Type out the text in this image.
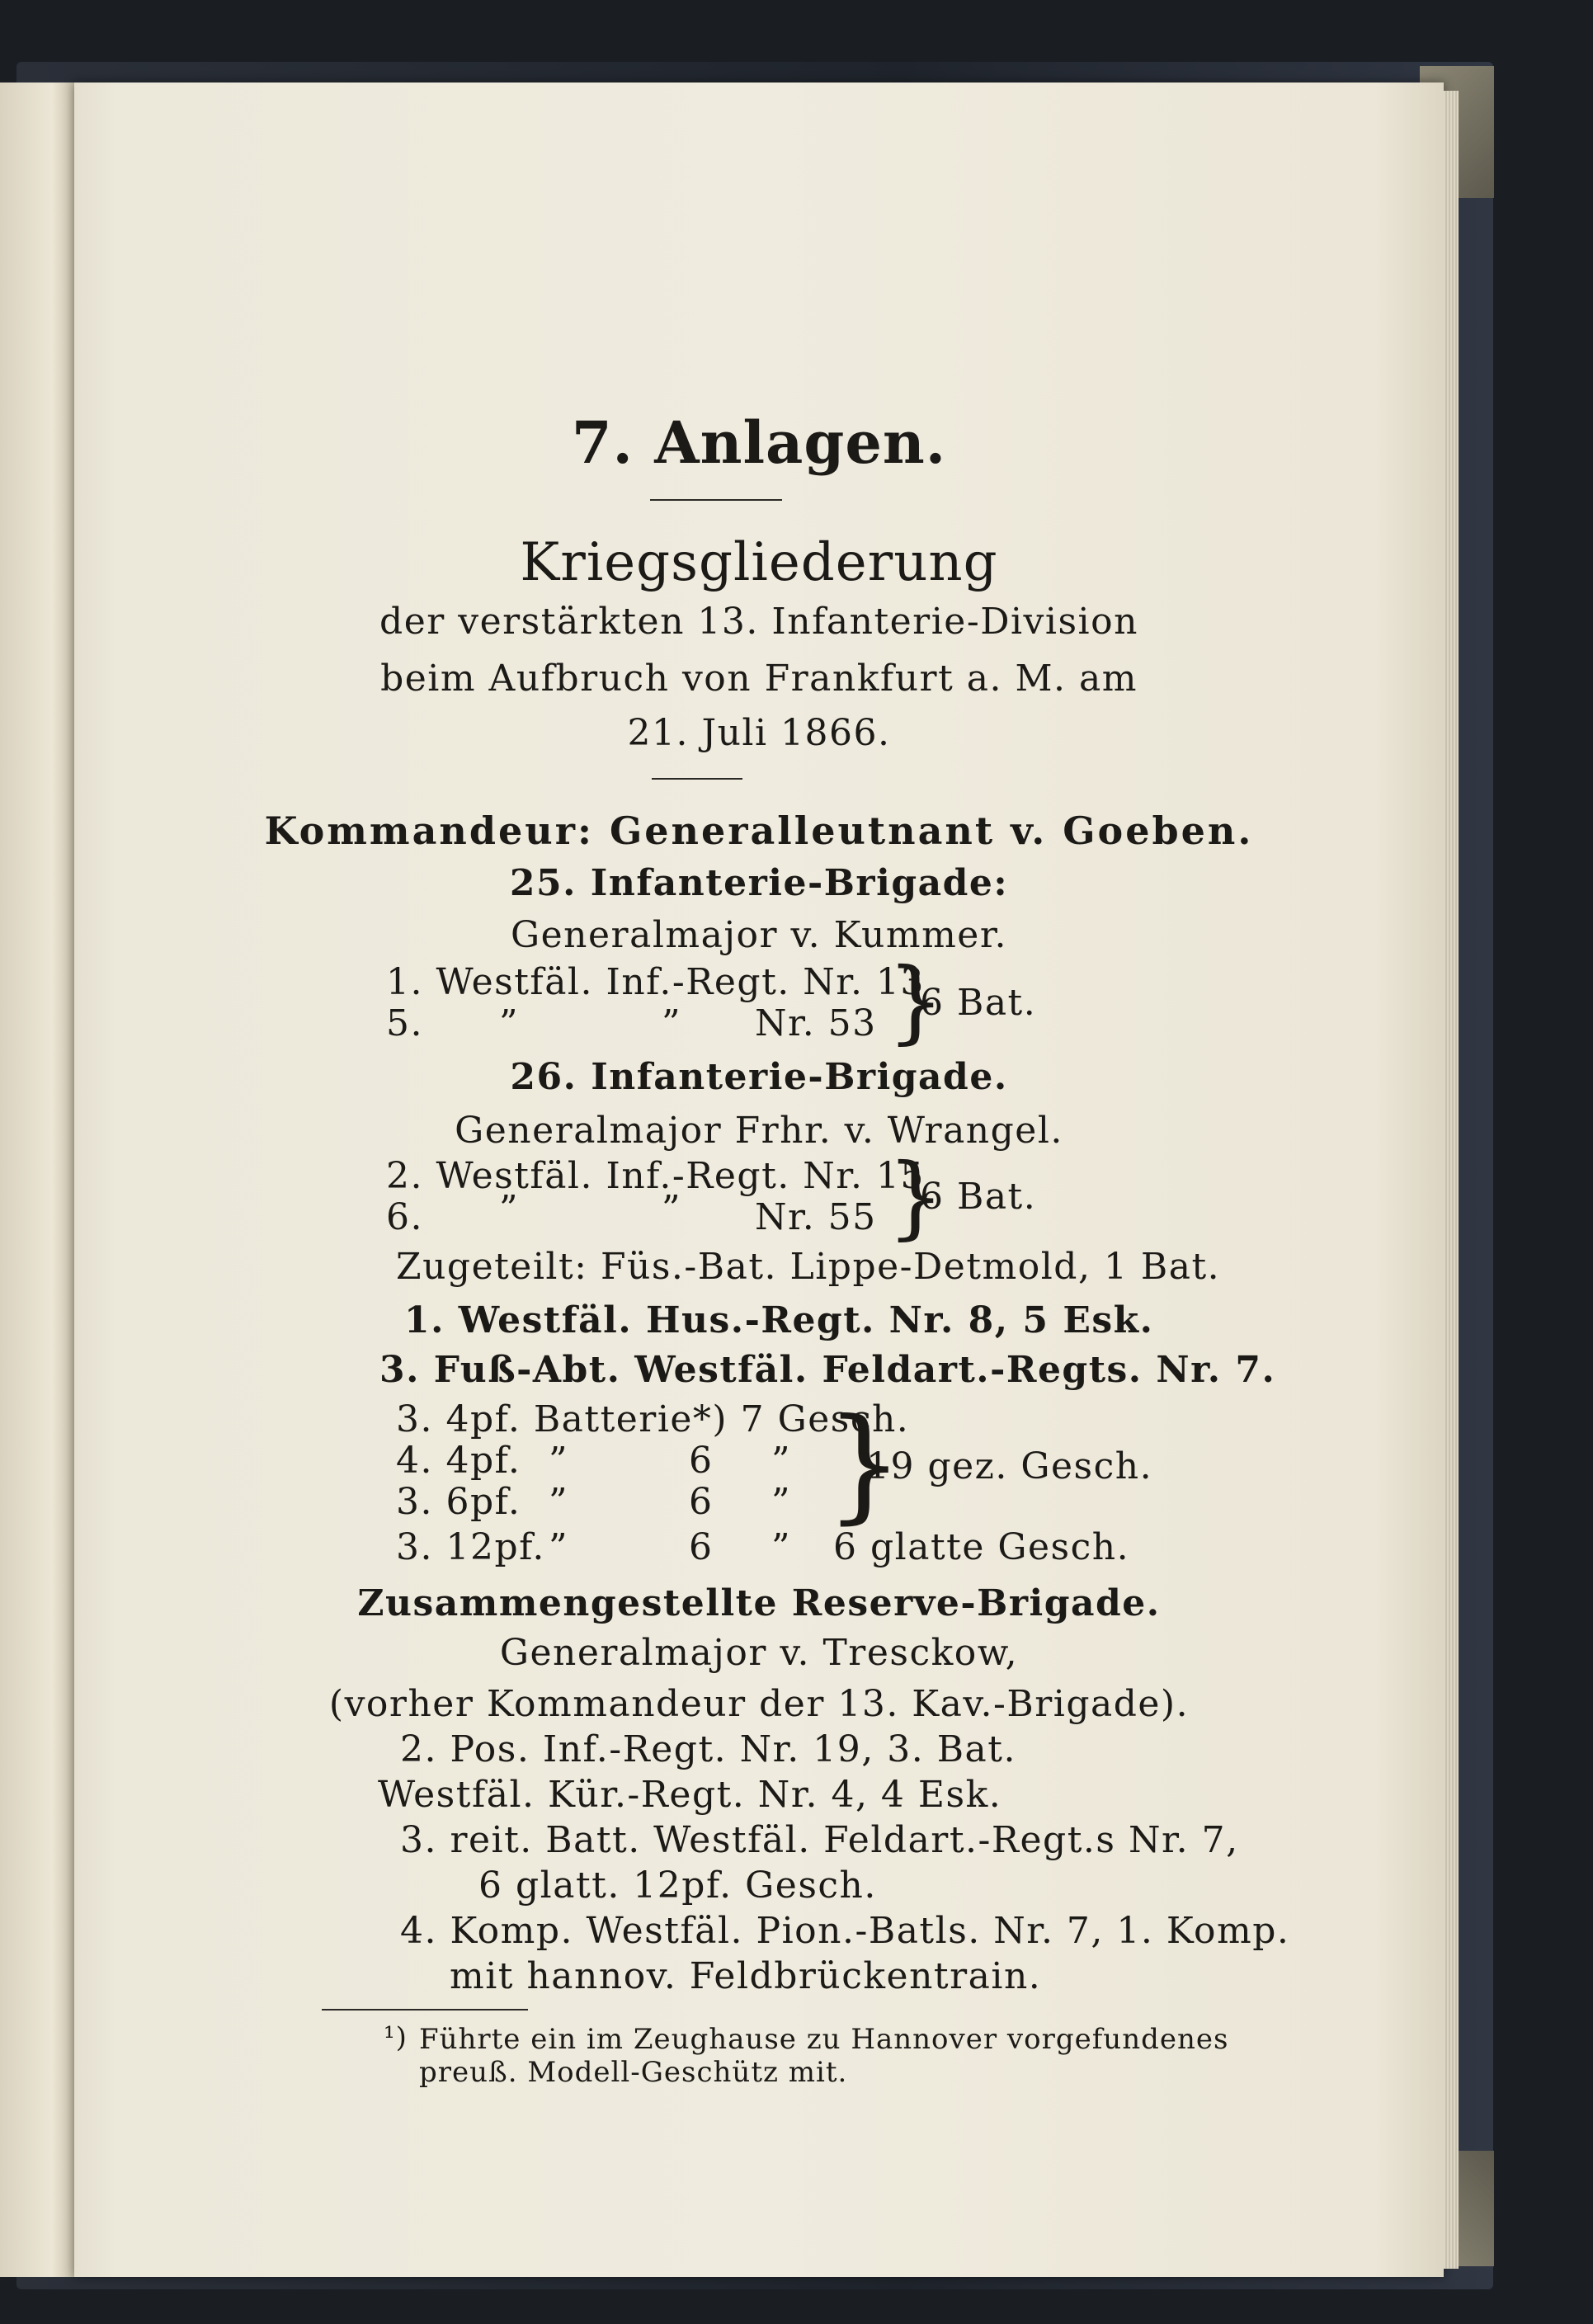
7. Anlagen.
Kriegsgliederung
der verstärkten 13. Infanterie-Division
beim Aufbruch von Frankfurt a. M. am
21. Juli 1866.
Kommandeur: Generalleutnant v. Goeben.
25. Infanterie-Brigade:
Generalmajor v. Kummer.
1. Westfäl. Inf.-Regt. Nr. 13
5. ”	” Nr. 53 }
6 Bat.
26. Infanterie-Brigade.
Generalmajor Frhr. v. Wrangel.
2. Westfäl. Inf.-Regt. Nr. 15
6. ”	” Nr. 55 }
6 Bat.
Zugeteilt: Füs.-Bat. Lippe-Detmold, 1 Bat.
1. Westfäl. Hus.-Regt. Nr. 8, 5 Esk.
3. Fuß-Abt. Westfäl. Feldart.-Regts. Nr. 7.
3. 4pf. Batterie*) 7 Gesch.
4. 4pf. ”	6 ”
3. 6pf. ”	6 ” }
19 gez. Gesch.
3. 12pf. ”	6 ” 6 glatte Gesch.
Zusammengestellte Reserve-Brigade.
Generalmajor v. Tresckow,
(vorher Kommandeur der 13. Kav.-Brigade).
2. Pos. Inf.-Regt. Nr. 19, 3. Bat.
Westfäl. Kür.-Regt. Nr. 4, 4 Esk.
3. reit. Batt. Westfäl. Feldart.-Regt.s Nr. 7,
6 glatt. 12pf. Gesch.
4. Komp. Westfäl. Pion.-Batls. Nr. 7, 1. Komp.
mit hannov. Feldbrückentrain.
¹) Führte ein im Zeughause zu Hannover vorgefundenes
preuß. Modell-Geschütz mit.
